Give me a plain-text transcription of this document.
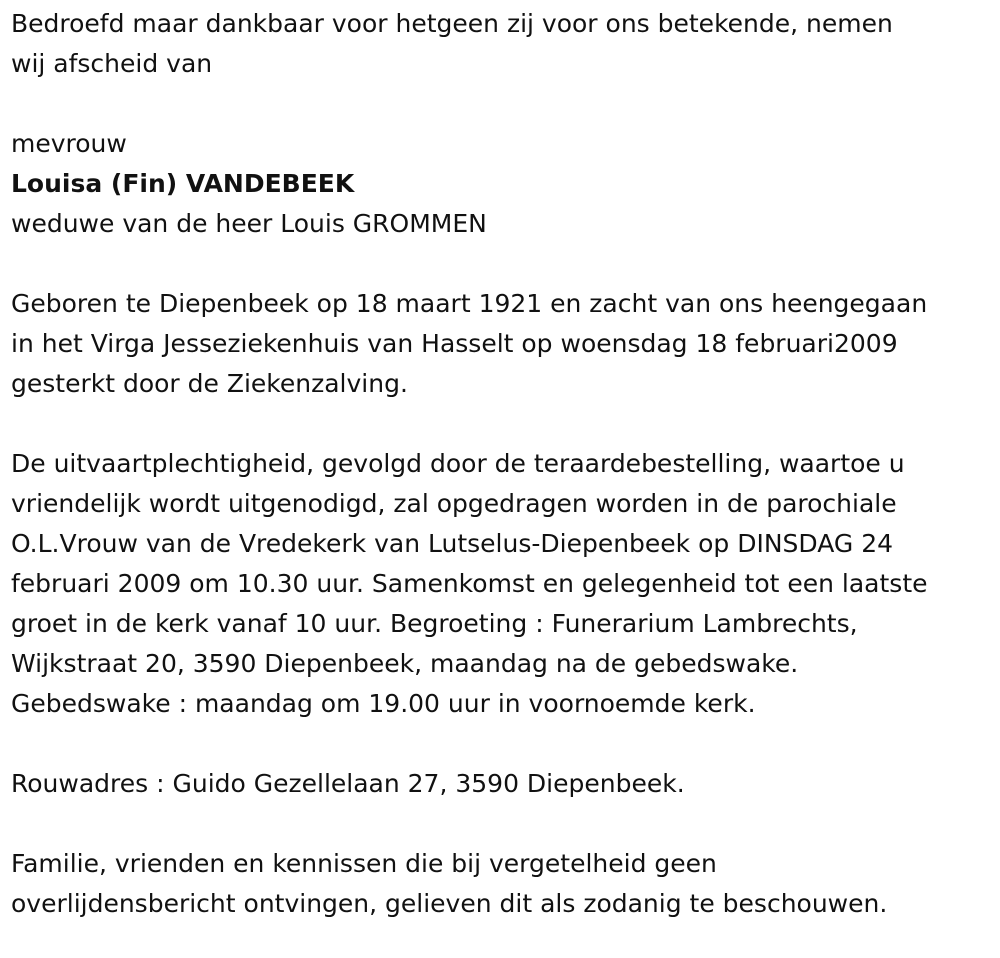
Bedroefd maar dankbaar voor hetgeen zij voor ons betekende, nemen

wij afscheid van

mevrouw

Louisa (Fin) VANDEBEEK

weduwe van de heer Louis GROMMEN

Geboren te Diepenbeek op 18 maart 1921 en zacht van ons heengegaan

in het Virga Jesseziekenhuis van Hasselt op woensdag 18 februari2009

gesterkt door de Ziekenzalving.

De uitvaartplechtigheid, gevolgd door de teraardebestelling, waartoe u

vriendelijk wordt uitgenodigd, zal opgedragen worden in de parochiale

O.L.Vrouw van de Vredekerk van Lutselus-Diepenbeek op DINSDAG 24

februari 2009 om 10.30 uur. Samenkomst en gelegenheid tot een laatste

groet in de kerk vanaf 10 uur. Begroeting : Funerarium Lambrechts,

Wijkstraat 20, 3590 Diepenbeek, maandag na de gebedswake.

Gebedswake : maandag om 19.00 uur in voornoemde kerk.

Rouwadres : Guido Gezellelaan 27, 3590 Diepenbeek.

Familie, vrienden en kennissen die bij vergetelheid geen

overlijdensbericht ontvingen, gelieven dit als zodanig te beschouwen.
